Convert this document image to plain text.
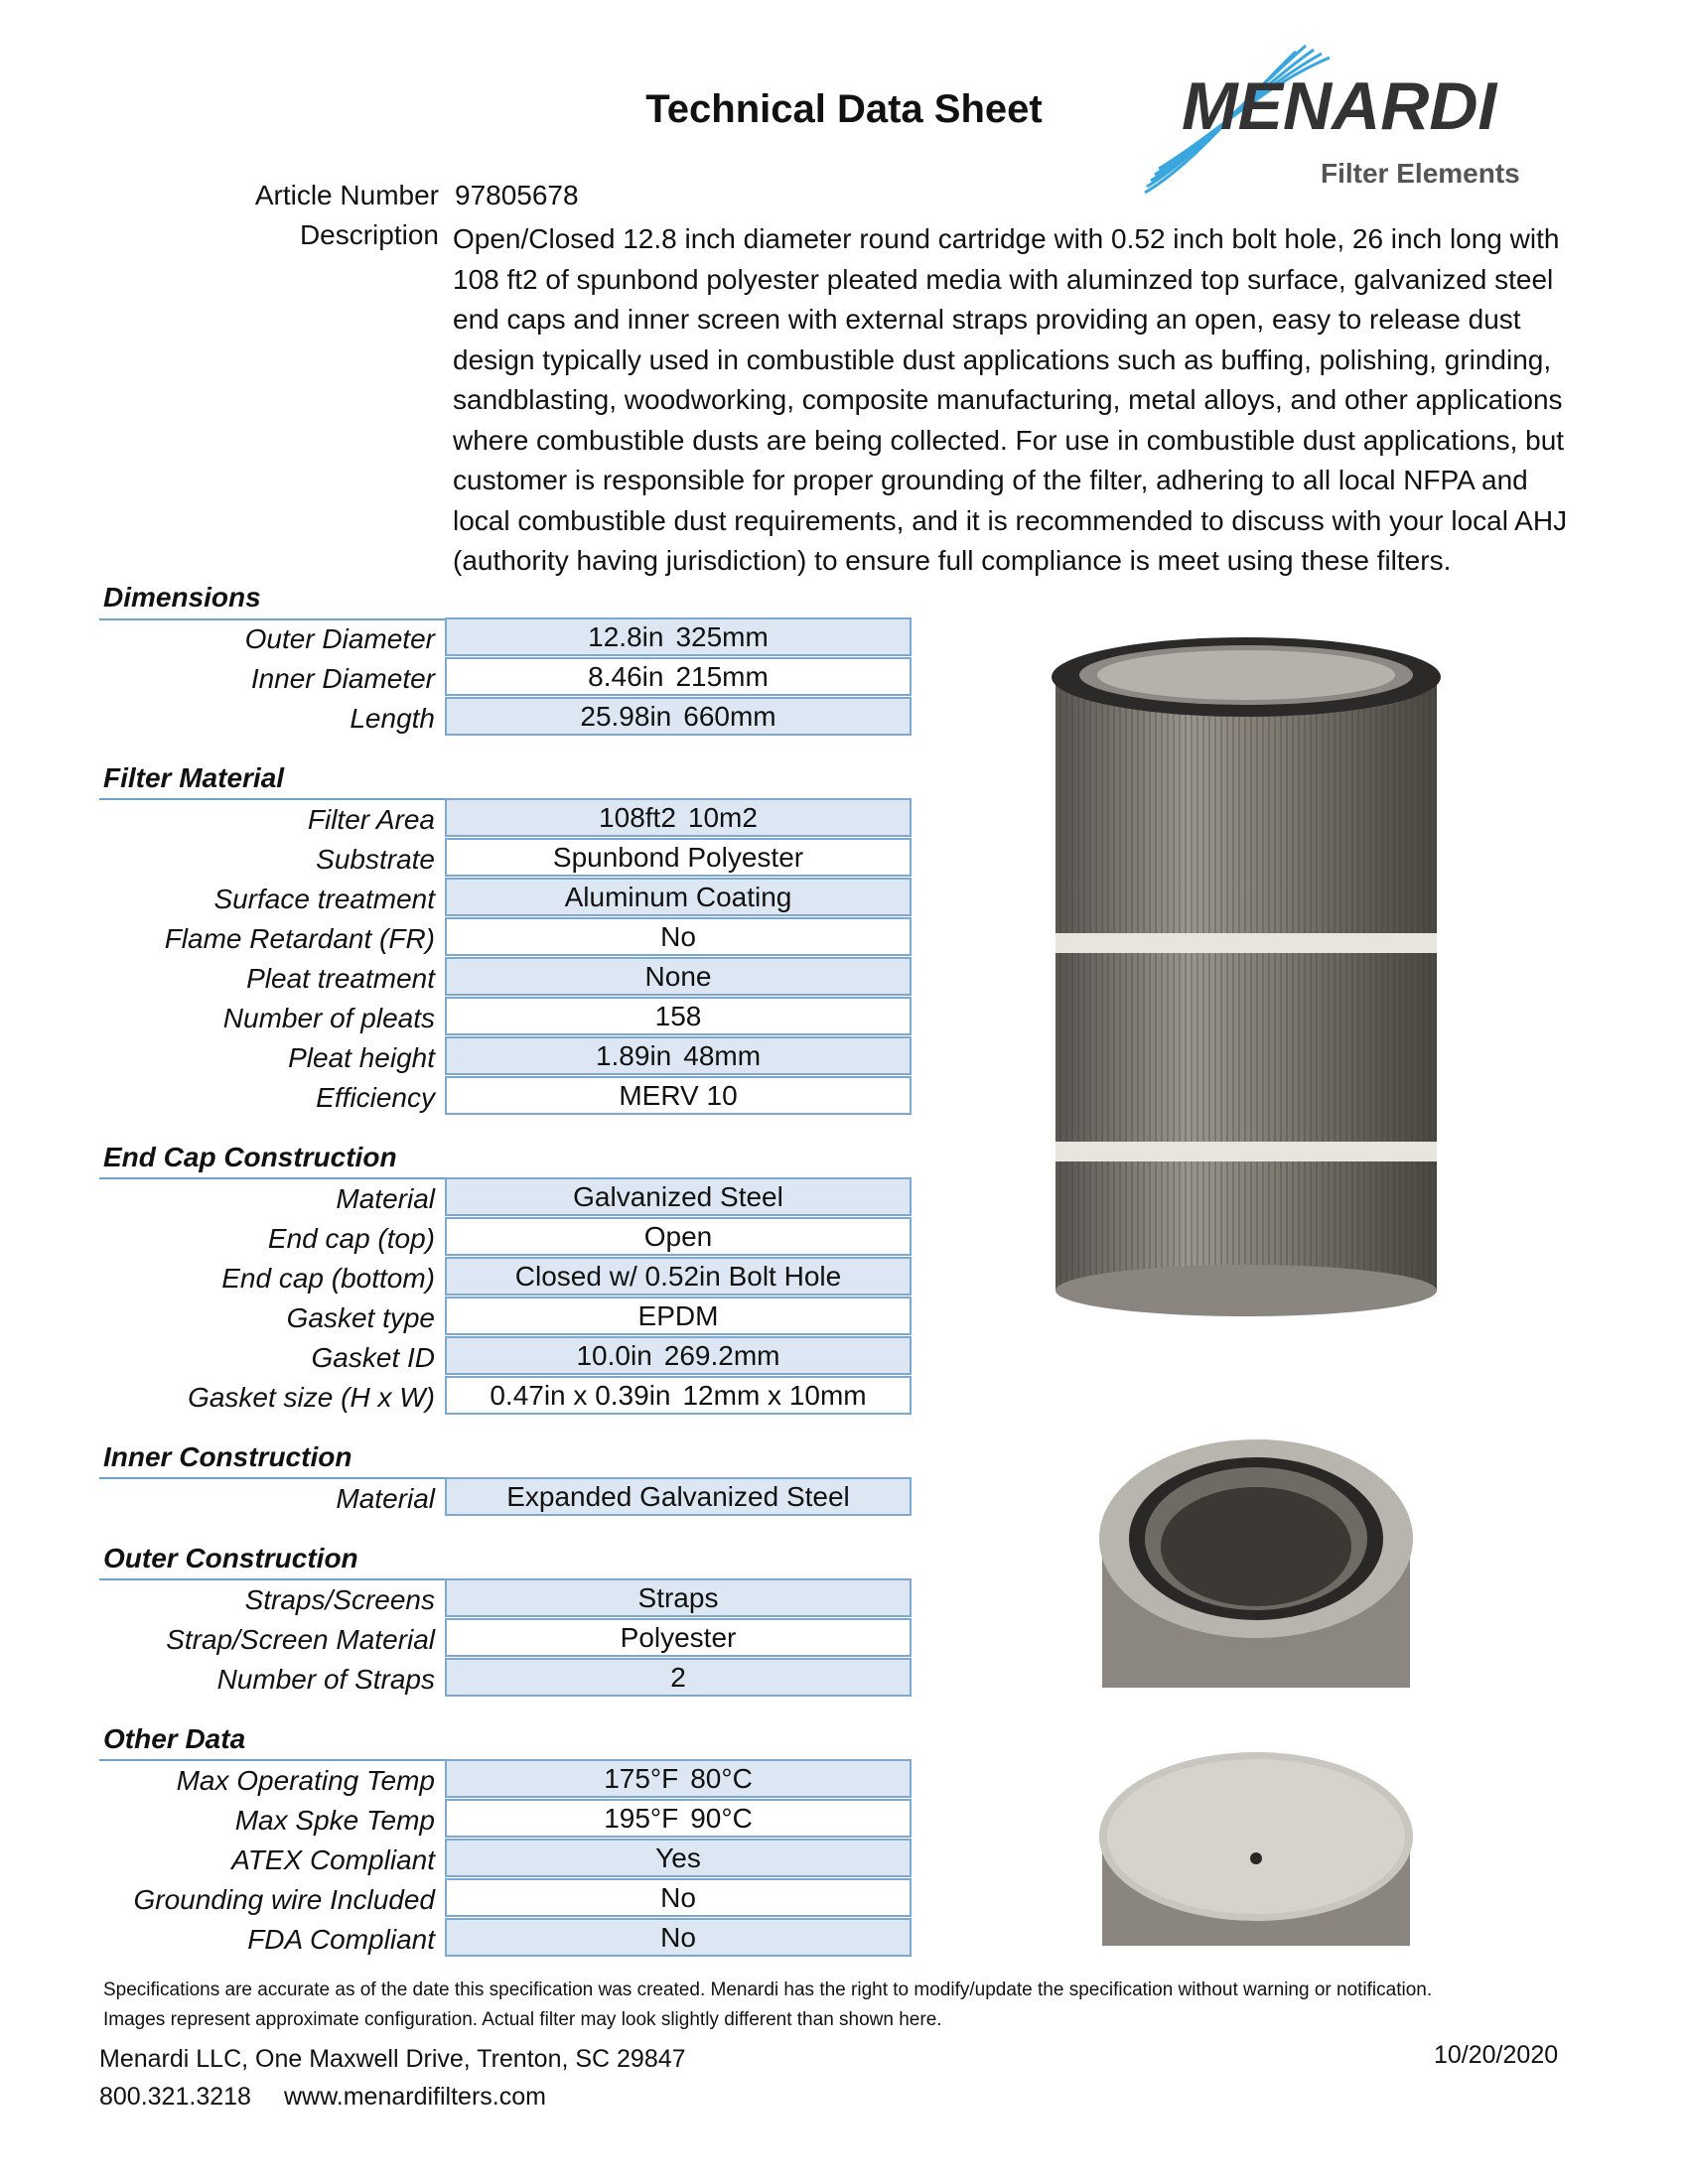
Technical Data Sheet	MENARDI
Filter Elements
Article Number 97805678
Description Open/Closed 12.8 inch diameter round cartridge with 0.52 inch bolt hole, 26 inch long with 108 ft2 of spunbond polyester pleated media with aluminzed top surface, galvanized steel end caps and inner screen with external straps providing an open, easy to release dust design typically used in combustible dust applications such as buffing, polishing, grinding, sandblasting, woodworking, composite manufacturing, metal alloys, and other applications where combustible dusts are being collected. For use in combustible dust applications, but customer is responsible for proper grounding of the filter, adhering to all local NFPA and local combustible dust requirements, and it is recommended to discuss with your local AHJ (authority having jurisdiction) to ensure full compliance is meet using these filters.
Dimensions
Outer Diameter	12.8in 325mm
Inner Diameter	8.46in 215mm
Length	25.98in 660mm
Filter Material
Filter Area	108ft2 10m2
Substrate	Spunbond Polyester
Surface treatment	Aluminum Coating
Flame Retardant (FR)	No
Pleat treatment	None
Number of pleats	158
Pleat height	1.89in 48mm
Efficiency	MERV 10
End Cap Construction
Material	Galvanized Steel
End cap (top)	Open
End cap (bottom)	Closed w/ 0.52in Bolt Hole
Gasket type	EPDM
Gasket ID	10.0in 269.2mm
Gasket size (H x W) 0.47in x 0.39in 12mm x 10mm
Inner Construction
Material	Expanded Galvanized Steel
Outer Construction
Straps/Screens	Straps
Strap/Screen Material	Polyester
Number of Straps	2
Other Data
Max Operating Temp	175°F 80°C
Max Spke Temp	195°F 90°C
ATEX Compliant	Yes
Grounding wire Included	No
FDA Compliant	No
Specifications are accurate as of the date this specification was created. Menardi has the right to modify/update the specification without warning or notification.
Images represent approximate configuration. Actual filter may look slightly different than shown here.
Menardi LLC, One Maxwell Drive, Trenton, SC 29847	10/20/2020
800.321.3218 www.menardifilters.com
